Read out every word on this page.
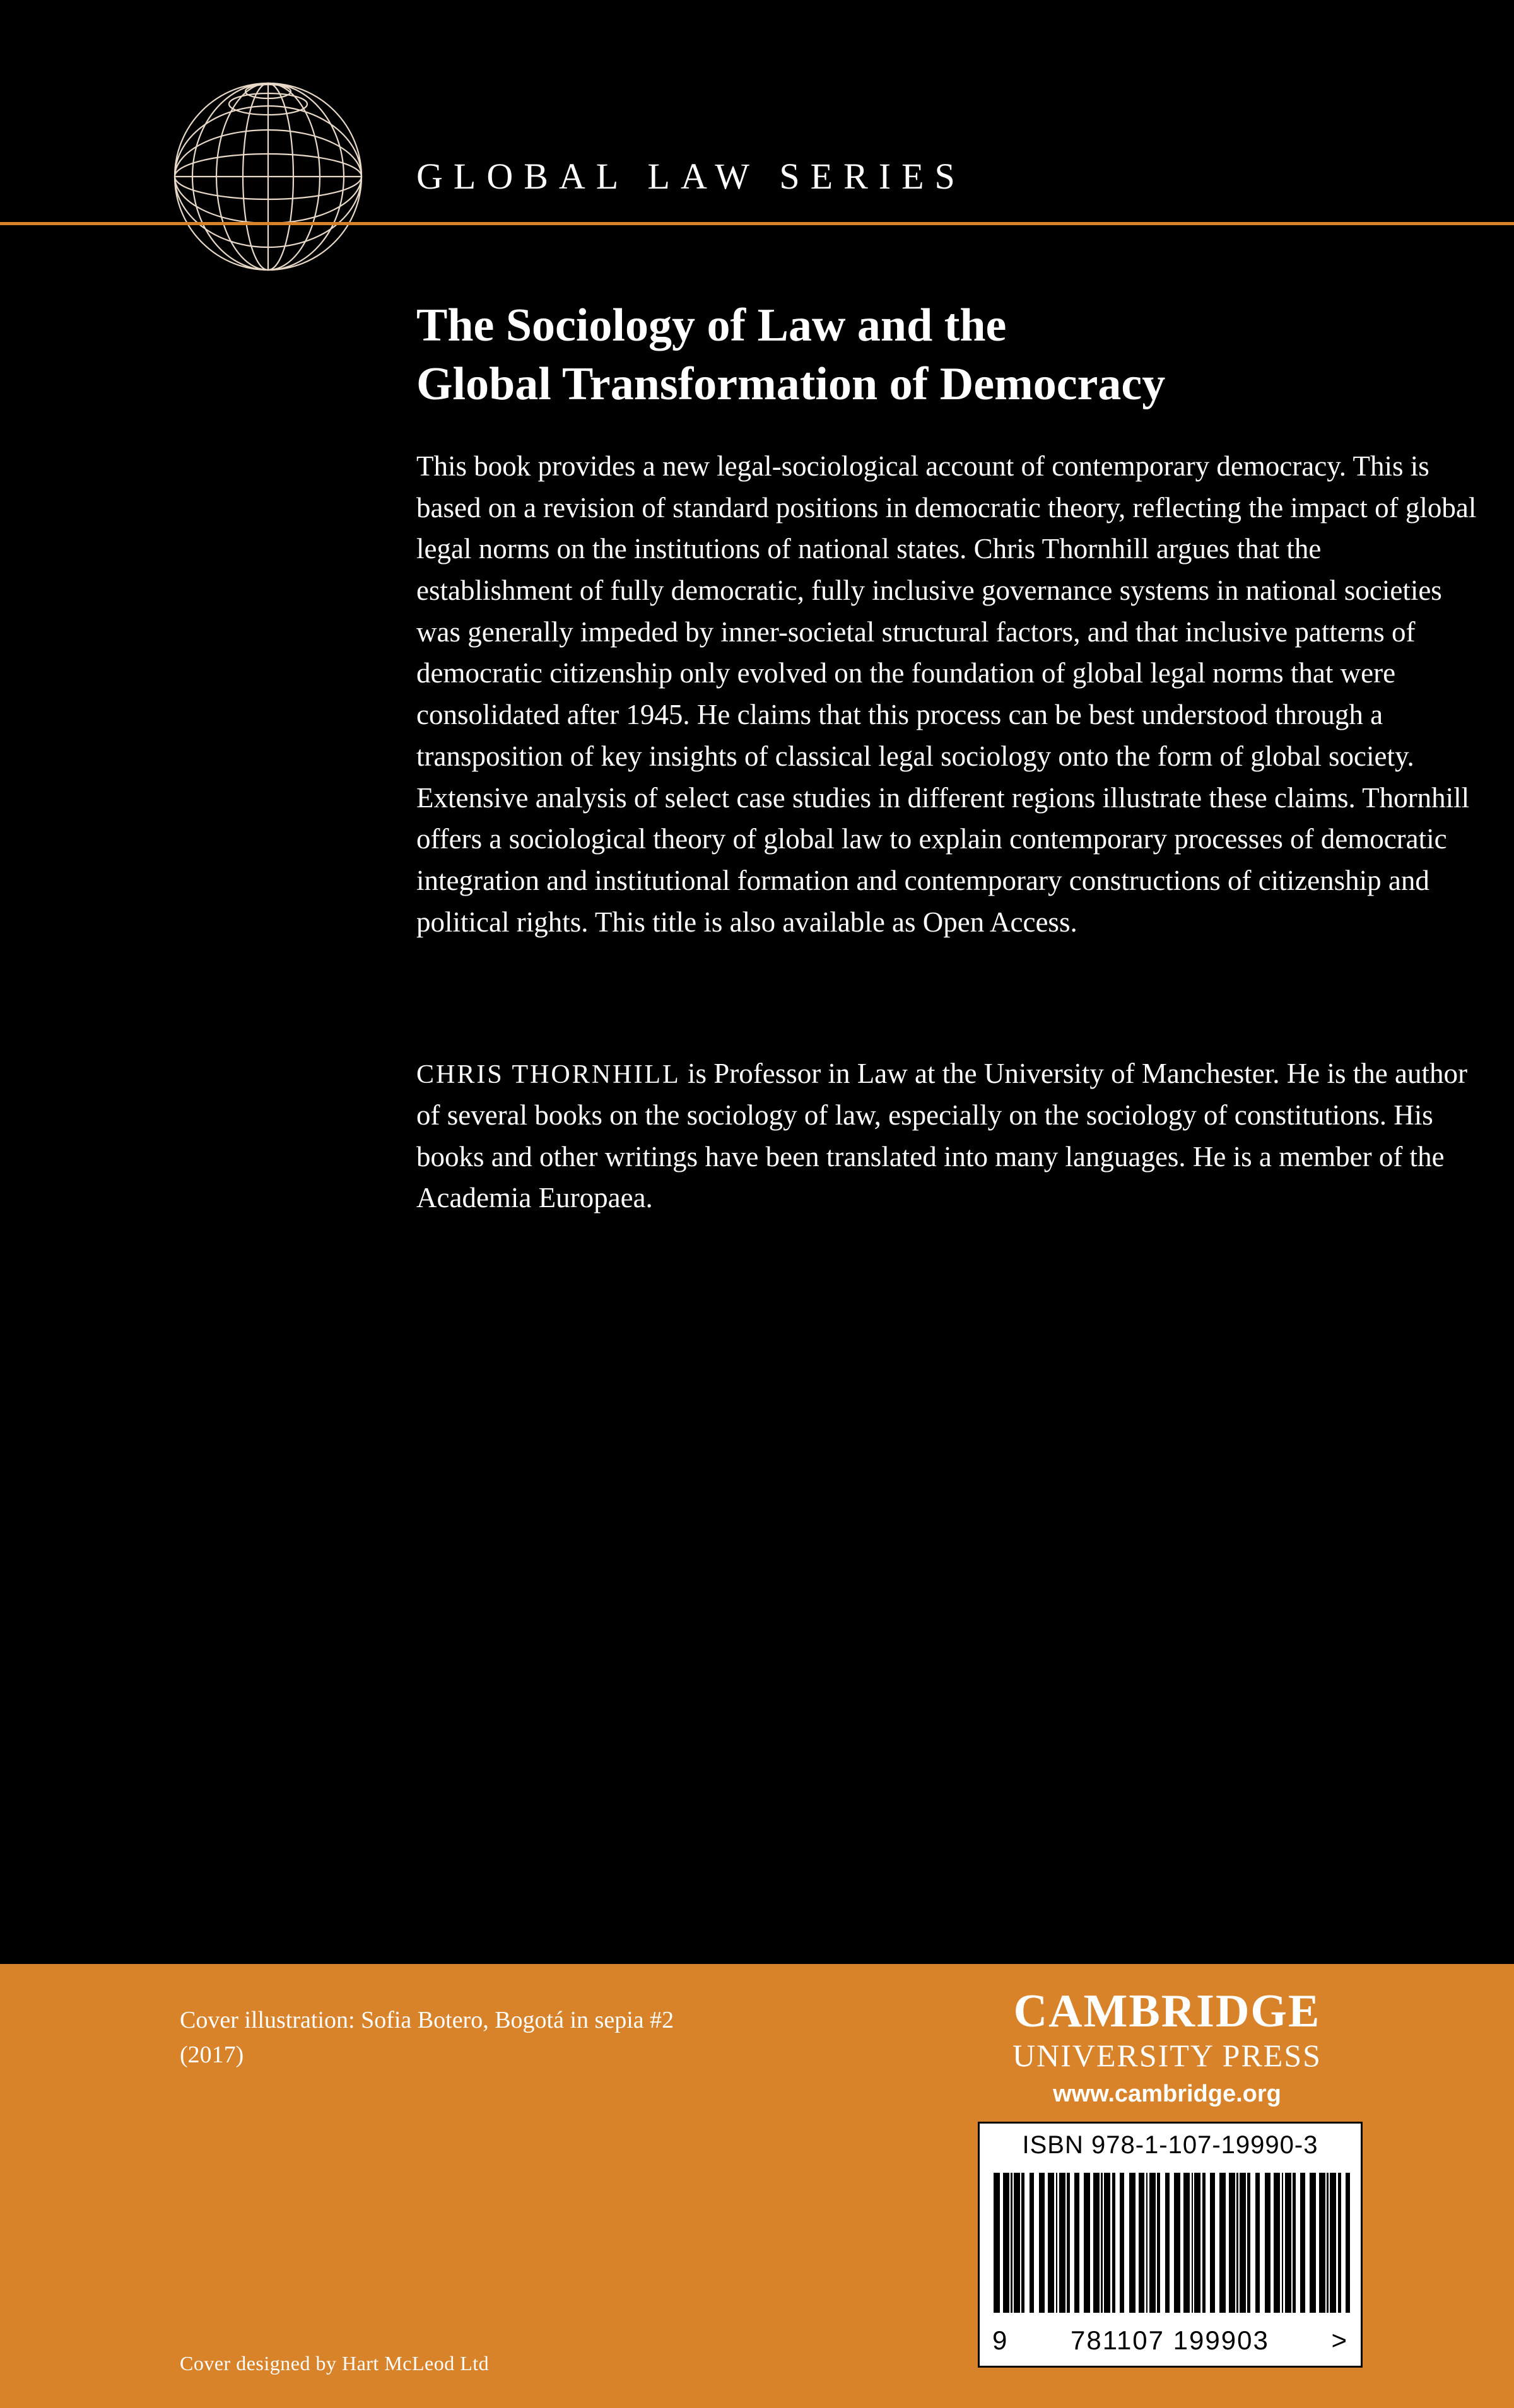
GLOBAL LAW SERIES
The Sociology of Law and the
Global Transformation of Democracy

This book provides a new legal-sociological account of contemporary democracy. This is based on a revision of standard positions in democratic theory, reflecting the impact of global legal norms on the institutions of national states. Chris Thornhill argues that the establishment of fully democratic, fully inclusive governance systems in national societies was generally impeded by inner-societal structural factors, and that inclusive patterns of democratic citizenship only evolved on the foundation of global legal norms that were consolidated after 1945. He claims that this process can be best understood through a transposition of key insights of classical legal sociology onto the form of global society. Extensive analysis of select case studies in different regions illustrate these claims. Thornhill offers a sociological theory of global law to explain contemporary processes of democratic integration and institutional formation and contemporary constructions of citizenship and political rights. This title is also available as Open Access.

CHRIS THORNHILL is Professor in Law at the University of Manchester. He is the author of several books on the sociology of law, especially on the sociology of constitutions. His books and other writings have been translated into many languages. He is a member of the Academia Europaea.

Cover illustration: Sofia Botero, Bogotá in sepia #2 (2017)
Cover designed by Hart McLeod Ltd
CAMBRIDGE
UNIVERSITY PRESS
www.cambridge.org
ISBN 978-1-107-19990-3
9 781107 199903 >
